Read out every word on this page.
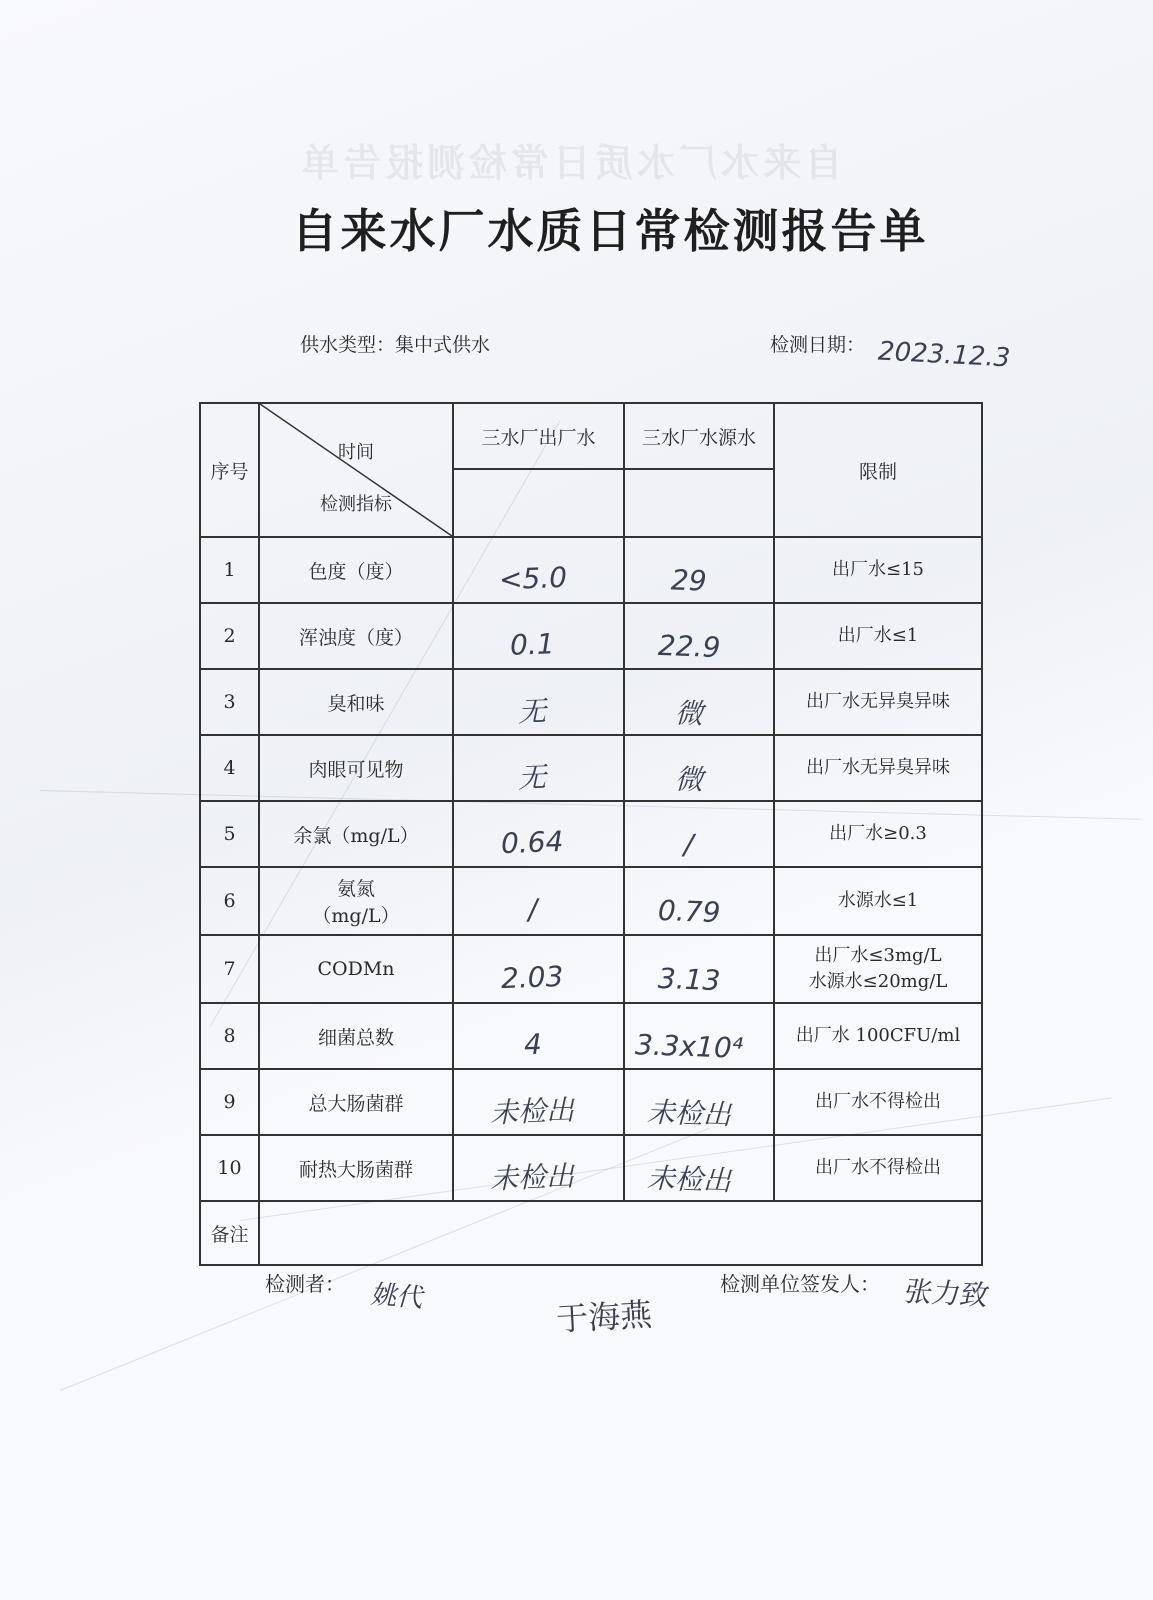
自来水厂水质日常检测报告单
自来水厂水质日常检测报告单
供水类型：集中式供水	检测日期： 2023.12.3
序号	时间
检测指标	三水厂出厂水	三水厂水源水	限制

1	色度（度）	<5.0	29	出厂水≤15
2	浑浊度（度）	0.1	22.9	出厂水≤1
3	臭和味	无	微	出厂水无异臭异味
4	肉眼可见物	无	微	出厂水无异臭异味
5	余氯（mg/L）	0.64	/	出厂水≥0.3
6	氨氮
（mg/L）	/	0.79	水源水≤1
7	CODMn	2.03	3.13	出厂水≤3mg/L
水源水≤20mg/L
8	细菌总数	4	3.3x10⁴	出厂水 100CFU/ml
9	总大肠菌群	未检出	未检出	出厂水不得检出
10	耐热大肠菌群	未检出	未检出	出厂水不得检出
备注				
检测者： 姚代	于海燕
检测单位签发人： 张力致
